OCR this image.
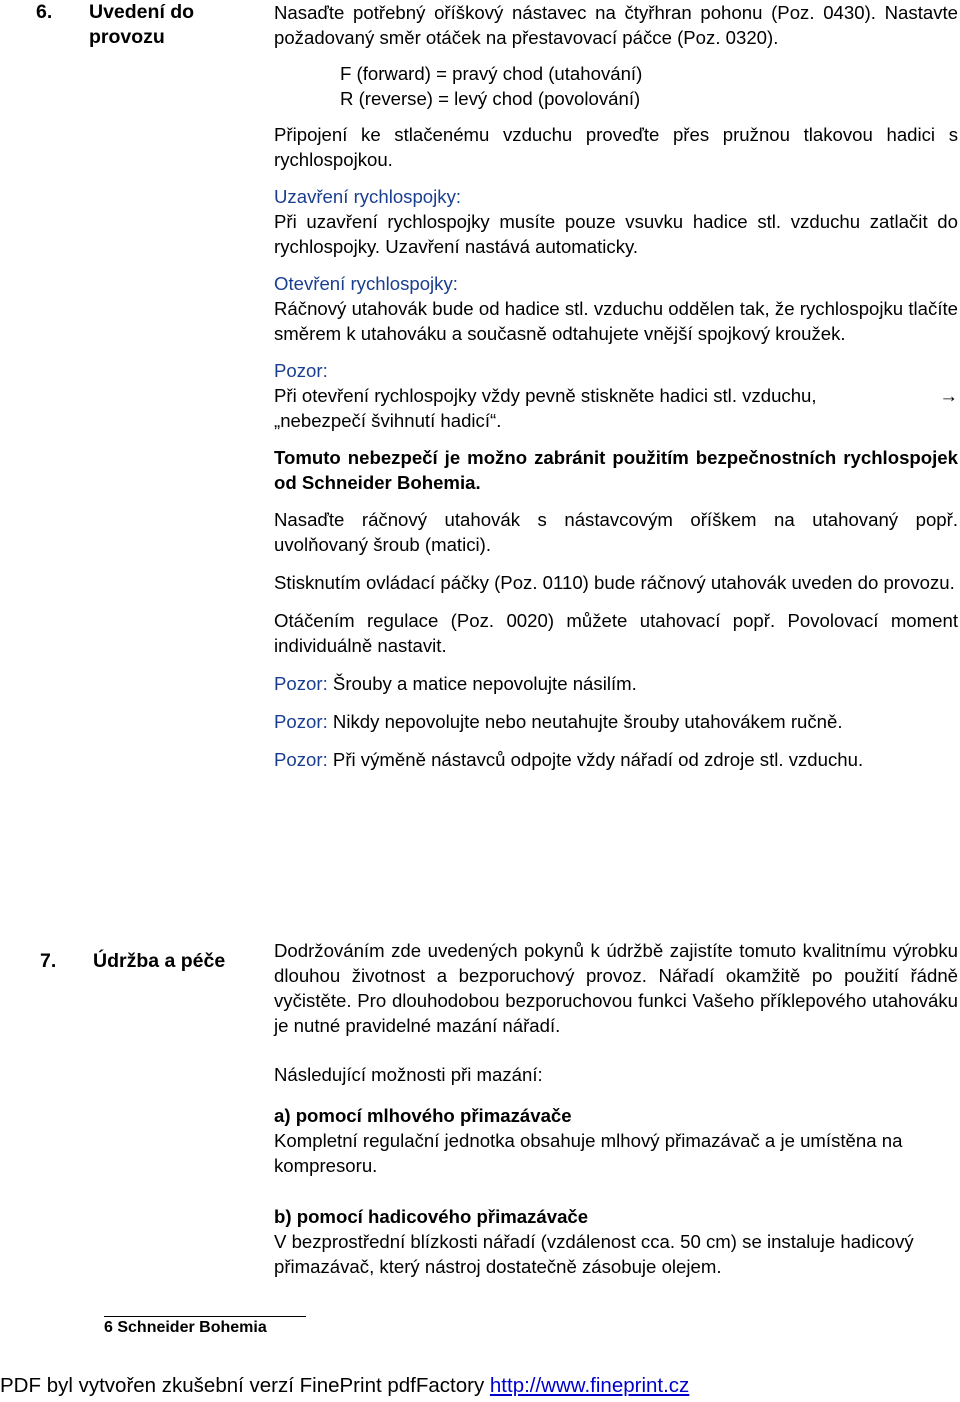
6. Uvedení do
provozu

Nasaďte potřebný oříškový nástavec na čtyřhran pohonu (Poz. 0430). Nastavte požadovaný směr otáček na přestavovací páčce (Poz. 0320).

F (forward) = pravý chod (utahování)

R (reverse) = levý chod (povolování)

Připojení ke stlačenému vzduchu proveďte přes pružnou tlakovou hadici s rychlospojkou.

Uzavření rychlospojky:

Při uzavření rychlospojky musíte pouze vsuvku hadice stl. vzduchu zatlačit do rychlospojky. Uzavření nastává automaticky.

Otevření rychlospojky:

Ráčnový utahovák bude od hadice stl. vzduchu oddělen tak, že rychlospojku tlačíte směrem k utahováku a současně odtahujete vnější spojkový kroužek.

Pozor:

Při otevření rychlospojky vždy pevně stiskněte hadici stl. vzduchu,	→

„nebezpečí švihnutí hadicí“.

Tomuto nebezpečí je možno zabránit použitím bezpečnostních rychlospojek od Schneider Bohemia.

Nasaďte ráčnový utahovák s nástavcovým oříškem na utahovaný popř. uvolňovaný šroub (matici).

Stisknutím ovládací páčky (Poz. 0110) bude ráčnový utahovák uveden do provozu.

Otáčením regulace (Poz. 0020) můžete utahovací popř. Povolovací moment individuálně nastavit.

Pozor: Šrouby a matice nepovolujte násilím.

Pozor: Nikdy nepovolujte nebo neutahujte šrouby utahovákem ručně.

Pozor: Při výměně nástavců odpojte vždy nářadí od zdroje stl. vzduchu.

7. Údržba a péče	Dodržováním zde uvedených pokynů k údržbě zajistíte tomuto kvalitnímu výrobku dlouhou životnost a bezporuchový provoz. Nářadí okamžitě po použití řádně vyčistěte. Pro dlouhodobou bezporuchovou funkci Vašeho příklepového utahováku je nutné pravidelné mazání nářadí.

Následující možnosti při mazání:

a) pomocí mlhového přimazávače

Kompletní regulační jednotka obsahuje mlhový přimazávač a je umístěna na kompresoru.

b) pomocí hadicového přimazávače

V bezprostřední blízkosti nářadí (vzdálenost cca. 50 cm) se instaluje hadicový přimazávač, který nástroj dostatečně zásobuje olejem.

6 Schneider Bohemia
PDF byl vytvořen zkušební verzí FinePrint pdfFactory http://www.fineprint.cz
